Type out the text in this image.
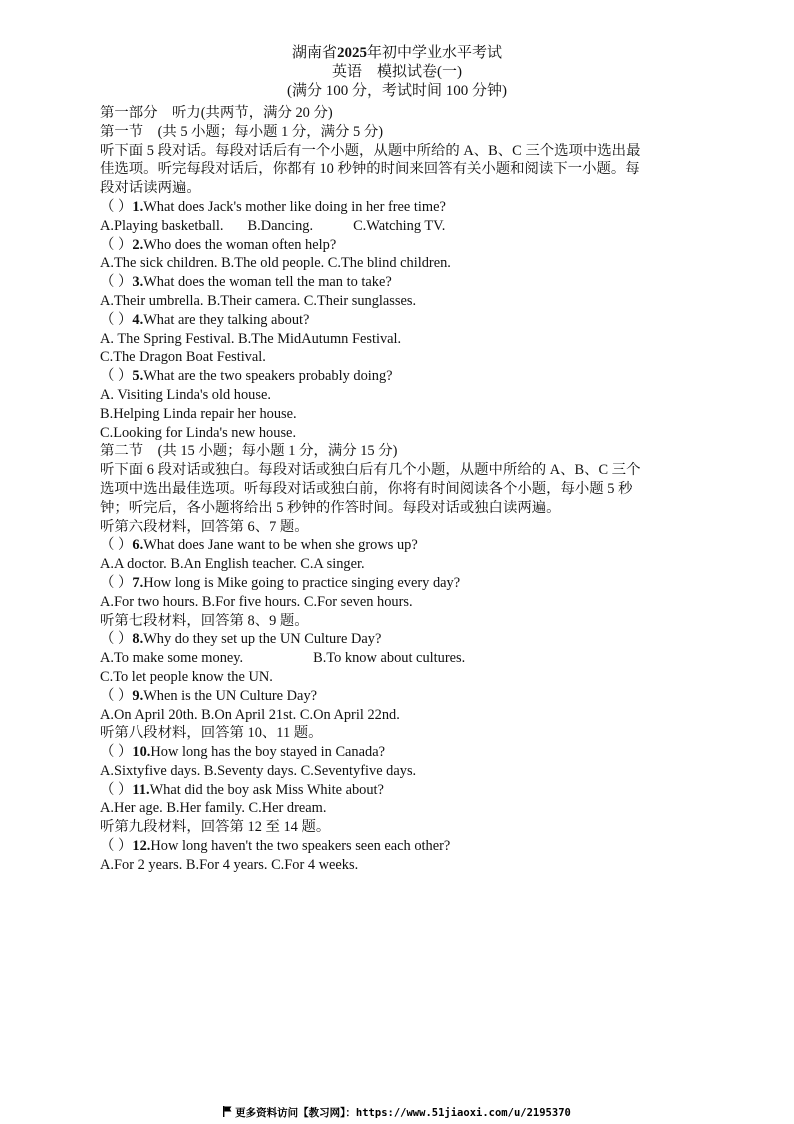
湖南省2025年初中学业水平考试
英语　模拟试卷(一)
(满分 100 分，考试时间 100 分钟)
第一部分　听力(共两节，满分 20 分)
第一节　(共 5 小题；每小题 1 分，满分 5 分)
听下面 5 段对话。每段对话后有一个小题，从题中所给的 A、B、C 三个选项中选出最
佳选项。听完每段对话后，你都有 10 秒钟的时间来回答有关小题和阅读下一小题。每
段对话读两遍。
（ ）1.What does Jack's mother like doing in her free time?
A.Playing basketball. B.Dancing.	C.Watching TV.
（ ）2.Who does the woman often help?
A.The sick children. B.The old people. C.The blind children.
（ ）3.What does the woman tell the man to take?
A.Their umbrella. B.Their camera. C.Their sunglasses.
（ ）4.What are they talking about?
A. The Spring Festival. B.The MidAutumn Festival.
C.The Dragon Boat Festival.
（ ）5.What are the two speakers probably doing?
A. Visiting Linda's old house.
B.Helping Linda repair her house.
C.Looking for Linda's new house.
第二节　(共 15 小题；每小题 1 分，满分 15 分)
听下面 6 段对话或独白。每段对话或独白后有几个小题，从题中所给的 A、B、C 三个
选项中选出最佳选项。听每段对话或独白前，你将有时间阅读各个小题，每小题 5 秒
钟；听完后，各小题将给出 5 秒钟的作答时间。每段对话或独白读两遍。
听第六段材料，回答第 6、7 题。
（ ）6.What does Jane want to be when she grows up?
A.A doctor. B.An English teacher. C.A singer.
（ ）7.How long is Mike going to practice singing every day?
A.For two hours. B.For five hours. C.For seven hours.
听第七段材料，回答第 8、9 题。
（ ）8.Why do they set up the UN Culture Day?
A.To make some money.	B.To know about cultures.
C.To let people know the UN.
（ ）9.When is the UN Culture Day?
A.On April 20th. B.On April 21st. C.On April 22nd.
听第八段材料，回答第 10、11 题。
（ ）10.How long has the boy stayed in Canada?
A.Sixtyfive days. B.Seventy days. C.Seventyfive days.
（ ）11.What did the boy ask Miss White about?
A.Her age. B.Her family. C.Her dream.
听第九段材料，回答第 12 至 14 题。
（ ）12.How long haven't the two speakers seen each other?
A.For 2 years. B.For 4 years. C.For 4 weeks.
更多资料访问【教习网】：https://www.51jiaoxi.com/u/2195370
